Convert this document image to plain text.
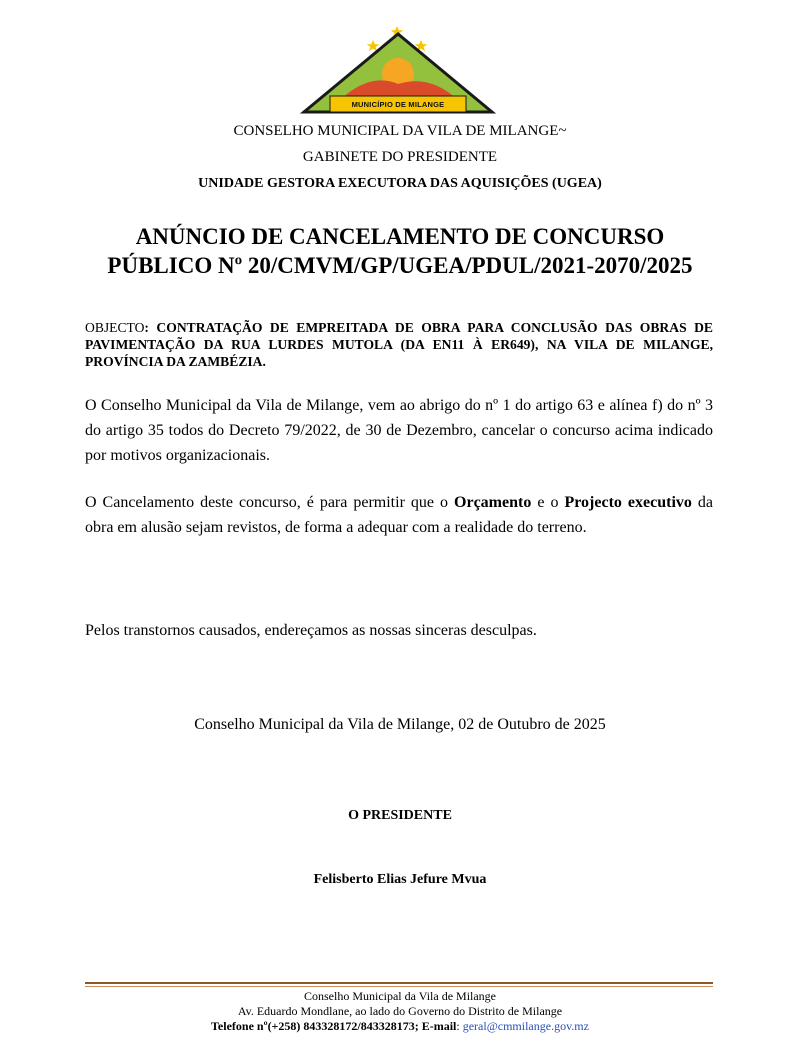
MUNICÍPIO DE MILANGE
CONSELHO MUNICIPAL DA VILA DE MILANGE~
GABINETE DO PRESIDENTE
UNIDADE GESTORA EXECUTORA DAS AQUISIÇÕES (UGEA)
ANÚNCIO DE CANCELAMENTO DE CONCURSO
PÚBLICO Nº 20/CMVM/GP/UGEA/PDUL/2021-2070/2025
OBJECTO: CONTRATAÇÃO DE EMPREITADA DE OBRA PARA CONCLUSÃO DAS OBRAS DE PAVIMENTAÇÃO DA RUA LURDES MUTOLA (DA EN11 À ER649), NA VILA DE MILANGE, PROVÍNCIA DA ZAMBÉZIA.
O Conselho Municipal da Vila de Milange, vem ao abrigo do nº 1 do artigo 63 e alínea f) do nº 3 do artigo 35 todos do Decreto 79/2022, de 30 de Dezembro, cancelar o concurso acima indicado por motivos organizacionais.
O Cancelamento deste concurso, é para permitir que o Orçamento e o Projecto executivo da obra em alusão sejam revistos, de forma a adequar com a realidade do terreno.
Pelos transtornos causados, endereçamos as nossas sinceras desculpas.
Conselho Municipal da Vila de Milange, 02 de Outubro de 2025
O PRESIDENTE
Felisberto Elias Jefure Mvua
Conselho Municipal da Vila de Milange
Av. Eduardo Mondlane, ao lado do Governo do Distrito de Milange
Telefone nº(+258) 843328172/843328173; E-mail: geral@cmmilange.gov.mz
